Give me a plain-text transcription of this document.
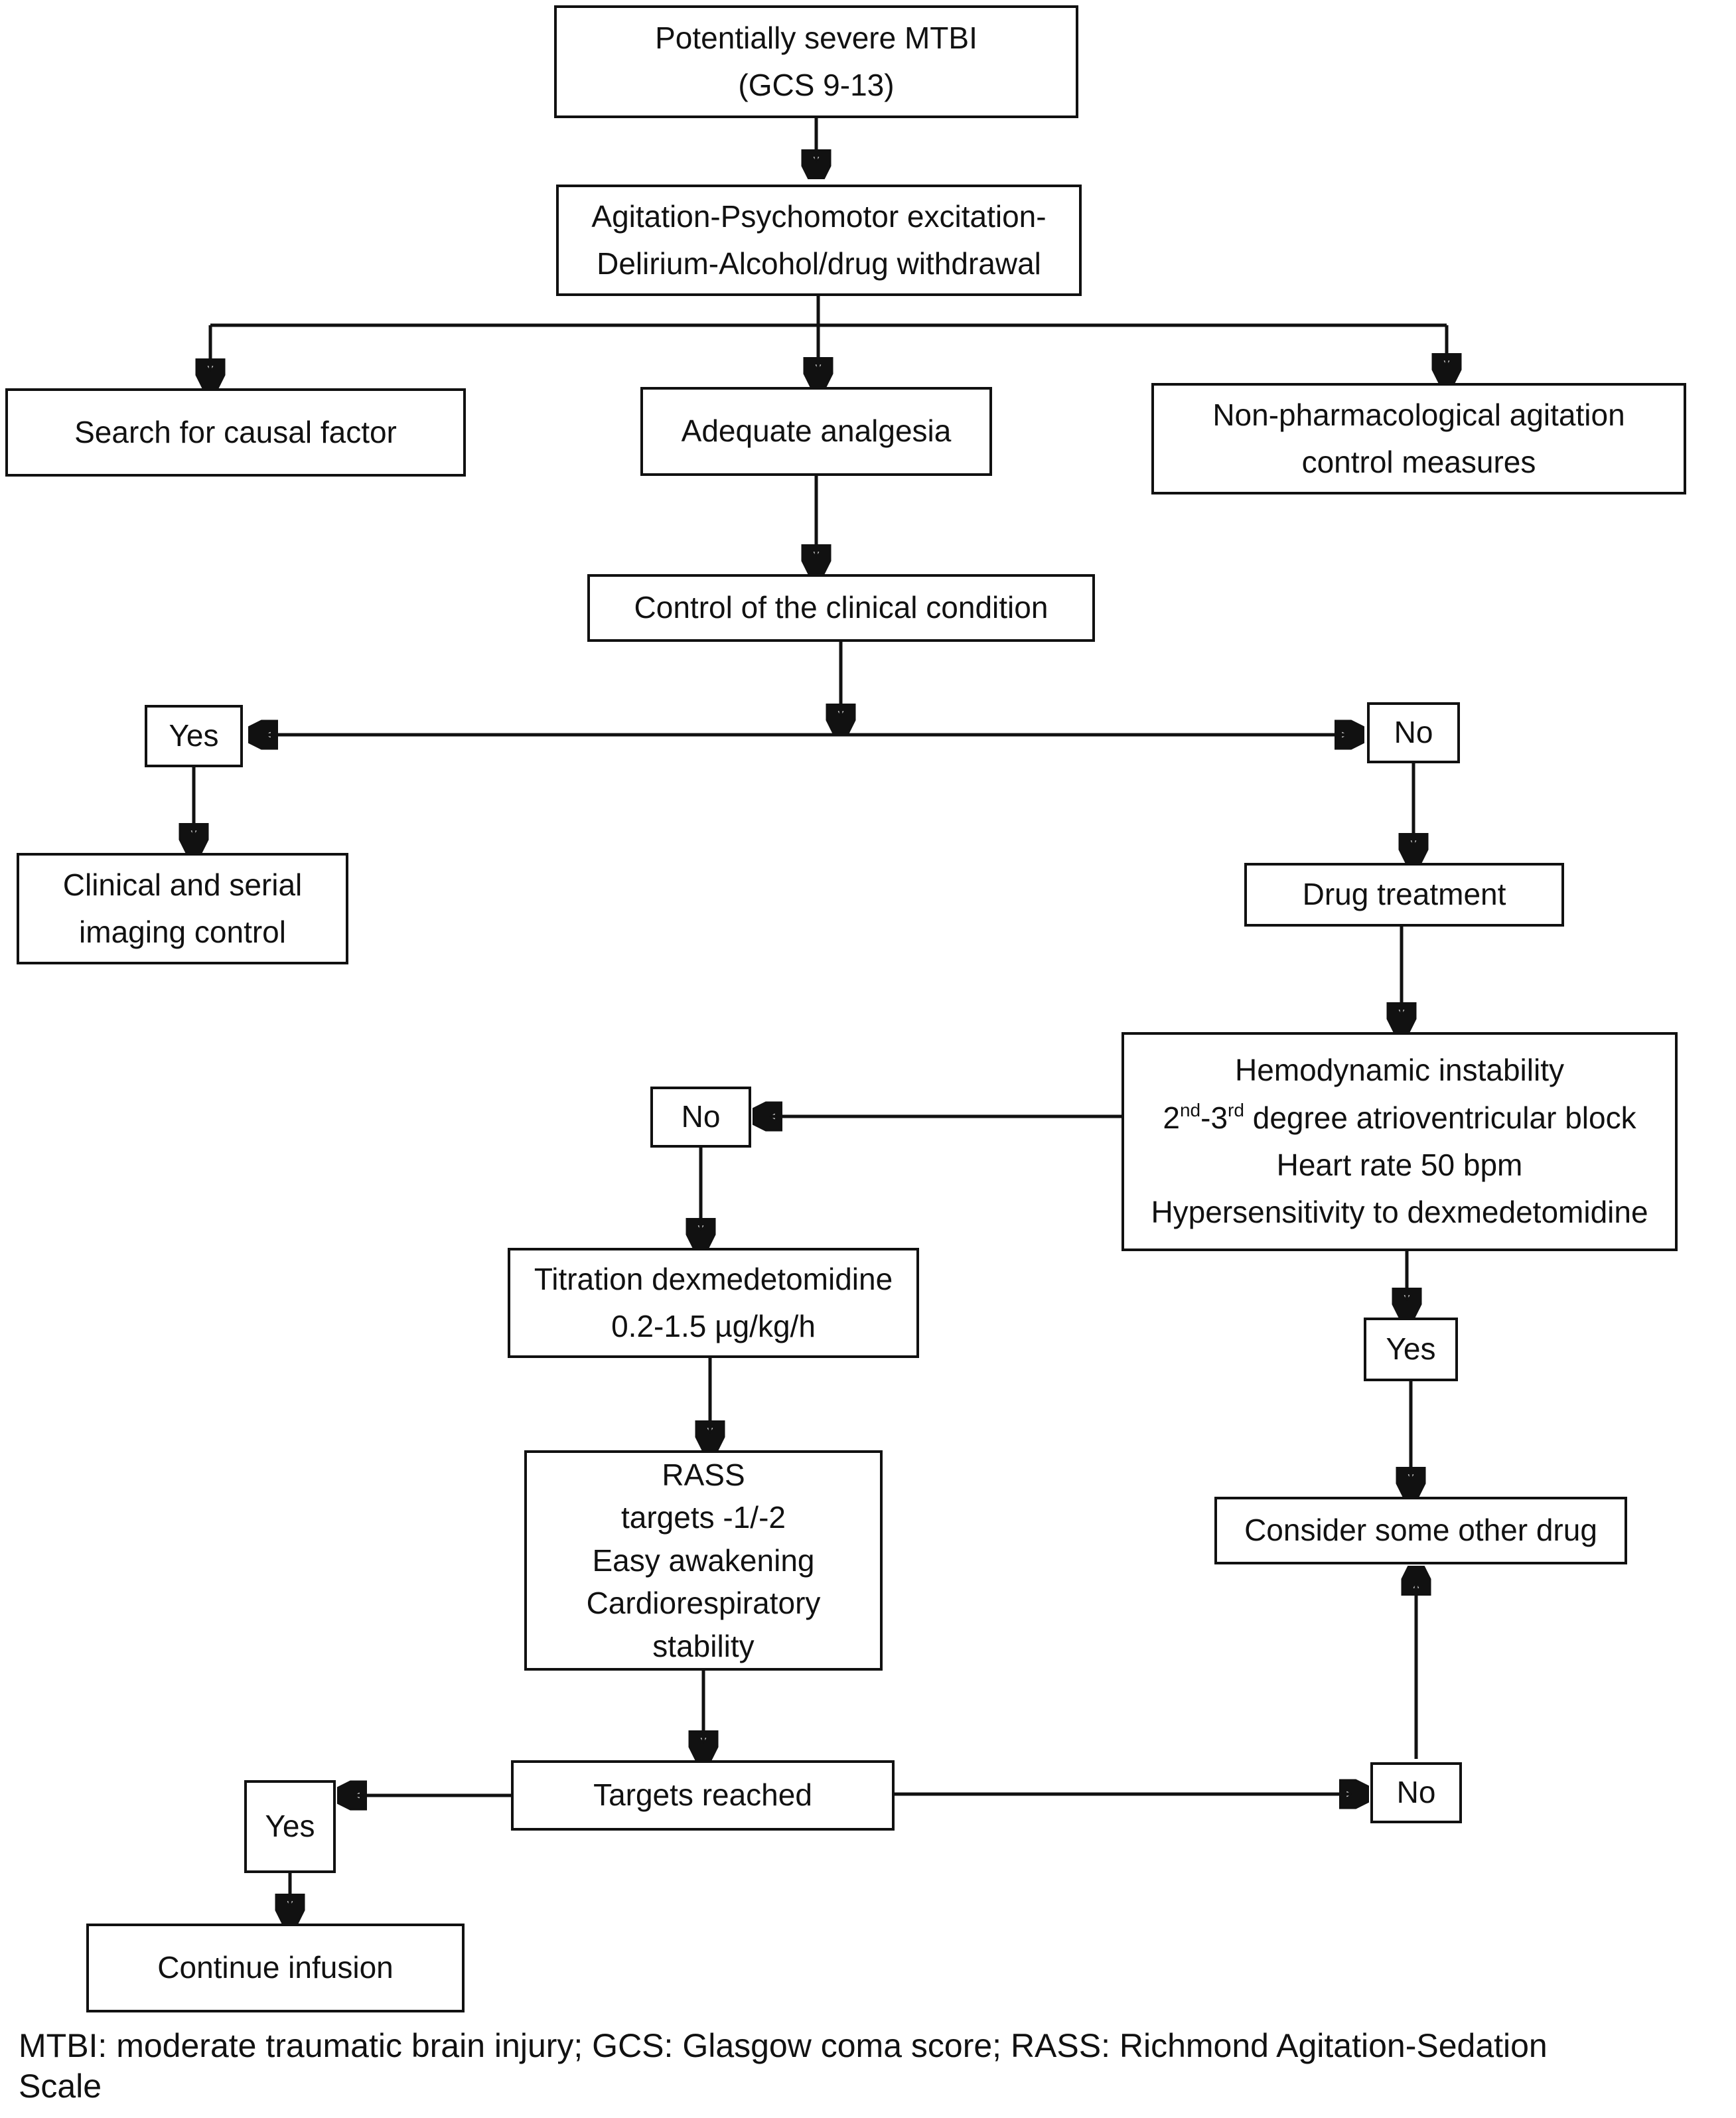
Potentially severe MTBI
(GCS 9-13)
Agitation-Psychomotor excitation-
Delirium-Alcohol/drug withdrawal
Search for causal factor	Adequate analgesia	Non-pharmacological agitation
control measures
Control of the clinical condition
Yes	No
Clinical and serial
imaging control
Drug treatment
Hemodynamic instability
2nd-3rd degree atrioventricular block
Heart rate 50 bpm
Hypersensitivity to dexmedetomidine
No
Titration dexmedetomidine
0.2-1.5 µg/kg/h
Yes
RASS
targets -1/-2
Easy awakening
Cardiorespiratory
stability
Consider some other drug
Targets reached
Yes
No
Continue infusion
MTBI: moderate traumatic brain injury; GCS: Glasgow coma score; RASS: Richmond Agitation-Sedation
Scale
